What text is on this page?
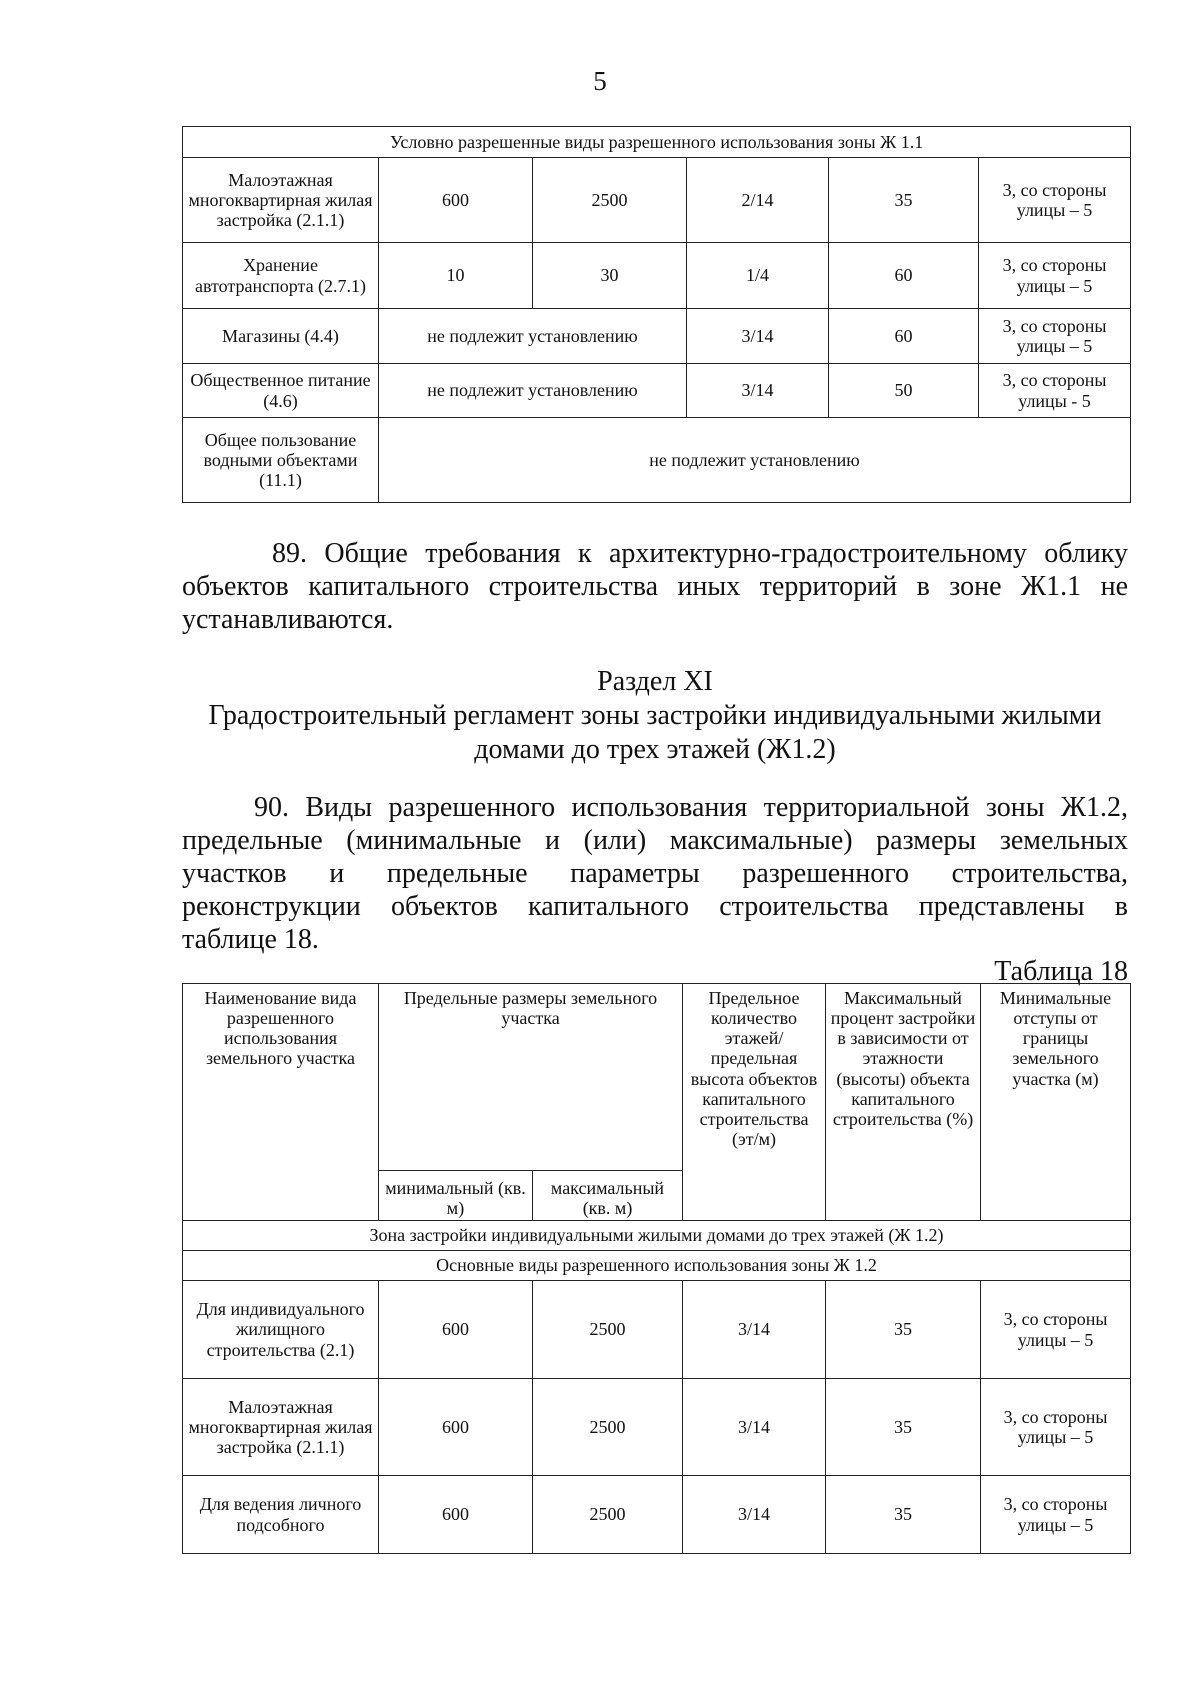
5
Условно разрешенные виды разрешенного использования зоны Ж 1.1					
Малоэтажная многоквартирная жилая застройка (2.1.1)	600	2500	2/14	35	3, со стороны улицы – 5
Хранение автотранспорта (2.7.1)	10	30	1/4	60	3, со стороны улицы – 5
Магазины (4.4)	не подлежит установлению		3/14	60	3, со стороны улицы – 5
Общественное питание (4.6)	не подлежит установлению		3/14	50	3, со стороны улицы - 5
Общее пользование водными объектами (11.1)	не подлежит установлению				
89. Общие требования к архитектурно-градостроительному облику
объектов капитального строительства иных территорий в зоне Ж1.1 не
устанавливаются.
Раздел XI
Градостроительный регламент зоны застройки индивидуальными жилыми
домами до трех этажей (Ж1.2)
90. Виды разрешенного использования территориальной зоны Ж1.2,
предельные (минимальные и (или) максимальные) размеры земельных
участков и предельные параметры разрешенного строительства,
реконструкции объектов капитального строительства представлены в
таблице 18.
Таблица 18
Наименование вида разрешенного использования земельного участка	Предельные размеры земельного участка		Предельное количество этажей/ предельная высота объектов капитального строительства (эт/м)	Максимальный процент застройки в зависимости от этажности (высоты) объекта капитального строительства (%)	Минимальные отступы от границы земельного участка (м)
	минимальный (кв. м)	максимальный (кв. м)			
Зона застройки индивидуальными жилыми домами до трех этажей (Ж 1.2)					
Основные виды разрешенного использования зоны Ж 1.2					
Для индивидуального жилищного строительства (2.1)	600	2500	3/14	35	3, со стороны улицы – 5
Малоэтажная многоквартирная жилая застройка (2.1.1)	600	2500	3/14	35	3, со стороны улицы – 5
Для ведения личного подсобного	600	2500	3/14	35	3, со стороны улицы – 5
